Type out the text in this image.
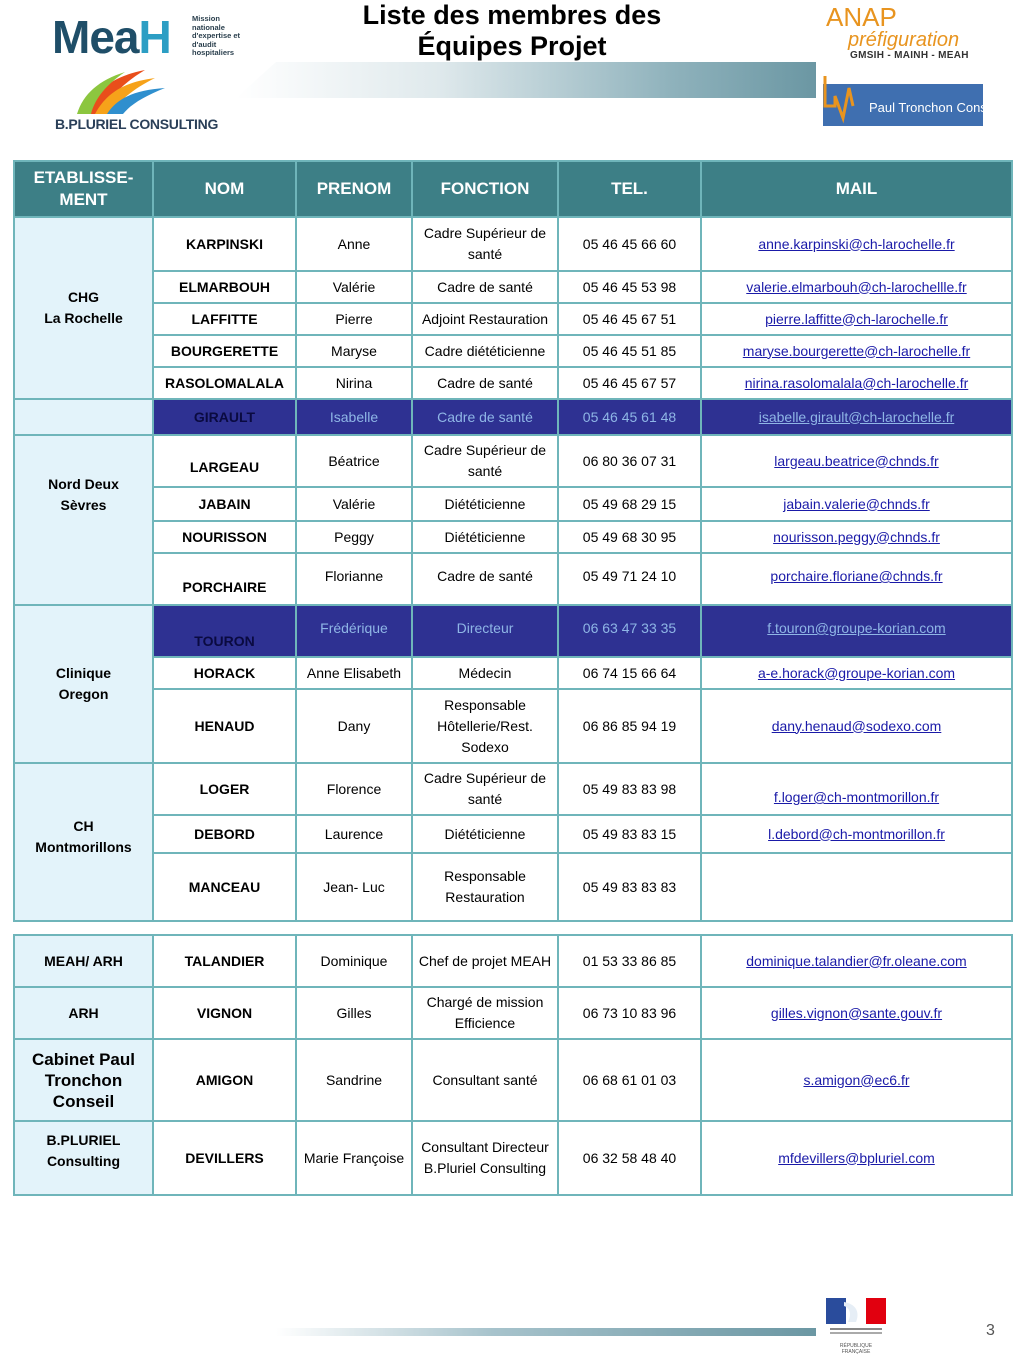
MeaH	Mission nationale d'expertise et d'audit hospitaliers
Liste des membres des
Équipes Projet
ANAP
préfiguration
GMSIH - MAINH - MEAH
Paul Tronchon Conseil
B.PLURIEL CONSULTING
ETABLISSE-MENT	NOM	PRENOM	FONCTION	TEL.	MAIL

CHG
La Rochelle	KARPINSKI	Anne	Cadre Supérieur de santé	05 46 45 66 60	anne.karpinski@ch-larochelle.fr
	ELMARBOUH	Valérie	Cadre de santé	05 46 45 53 98	valerie.elmarbouh@ch-larochellle.fr
	LAFFITTE	Pierre	Adjoint Restauration	05 46 45 67 51	pierre.laffitte@ch-larochelle.fr
	BOURGERETTE	Maryse	Cadre diététicienne	05 46 45 51 85	maryse.bourgerette@ch-larochelle.fr
	RASOLOMALALA	Nirina	Cadre de santé	05 46 45 67 57	nirina.rasolomalala@ch-larochelle.fr
	GIRAULT	Isabelle	Cadre de santé	05 46 45 61 48	isabelle.girault@ch-larochelle.fr

Nord Deux
Sèvres	LARGEAU	Béatrice	Cadre Supérieur de santé	06 80 36 07 31	largeau.beatrice@chnds.fr
	JABAIN	Valérie	Diététicienne	05 49 68 29 15	jabain.valerie@chnds.fr
	NOURISSON	Peggy	Diététicienne	05 49 68 30 95	nourisson.peggy@chnds.fr
	PORCHAIRE	Florianne	Cadre de santé	05 49 71 24 10	porchaire.floriane@chnds.fr

Clinique
Oregon	TOURON	Frédérique	Directeur	06 63 47 33 35	f.touron@groupe-korian.com
	HORACK	Anne Elisabeth	Médecin	06 74 15 66 64	a-e.horack@groupe-korian.com
	HENAUD	Dany	Responsable Hôtellerie/Rest. Sodexo	06 86 85 94 19	dany.henaud@sodexo.com

CH
Montmorillons	LOGER	Florence	Cadre Supérieur de santé	05 49 83 83 98	f.loger@ch-montmorillon.fr
	DEBORD	Laurence	Diététicienne	05 49 83 83 15	l.debord@ch-montmorillon.fr
	MANCEAU	Jean- Luc	Responsable Restauration	05 49 83 83 83	

MEAH/ ARH	TALANDIER	Dominique	Chef de projet MEAH	01 53 33 86 85	dominique.talandier@fr.oleane.com
ARH	VIGNON	Gilles	Chargé de mission Efficience	06 73 10 83 96	gilles.vignon@sante.gouv.fr

Cabinet Paul
Tronchon
Conseil	AMIGON	Sandrine	Consultant santé	06 68 61 01 03	s.amigon@ec6.fr

B.PLURIEL
Consulting	DEVILLERS	Marie Françoise	Consultant Directeur B.Pluriel Consulting	06 32 58 48 40	mfdevillers@bpluriel.com
RÉPUBLIQUE FRANÇAISE
3
